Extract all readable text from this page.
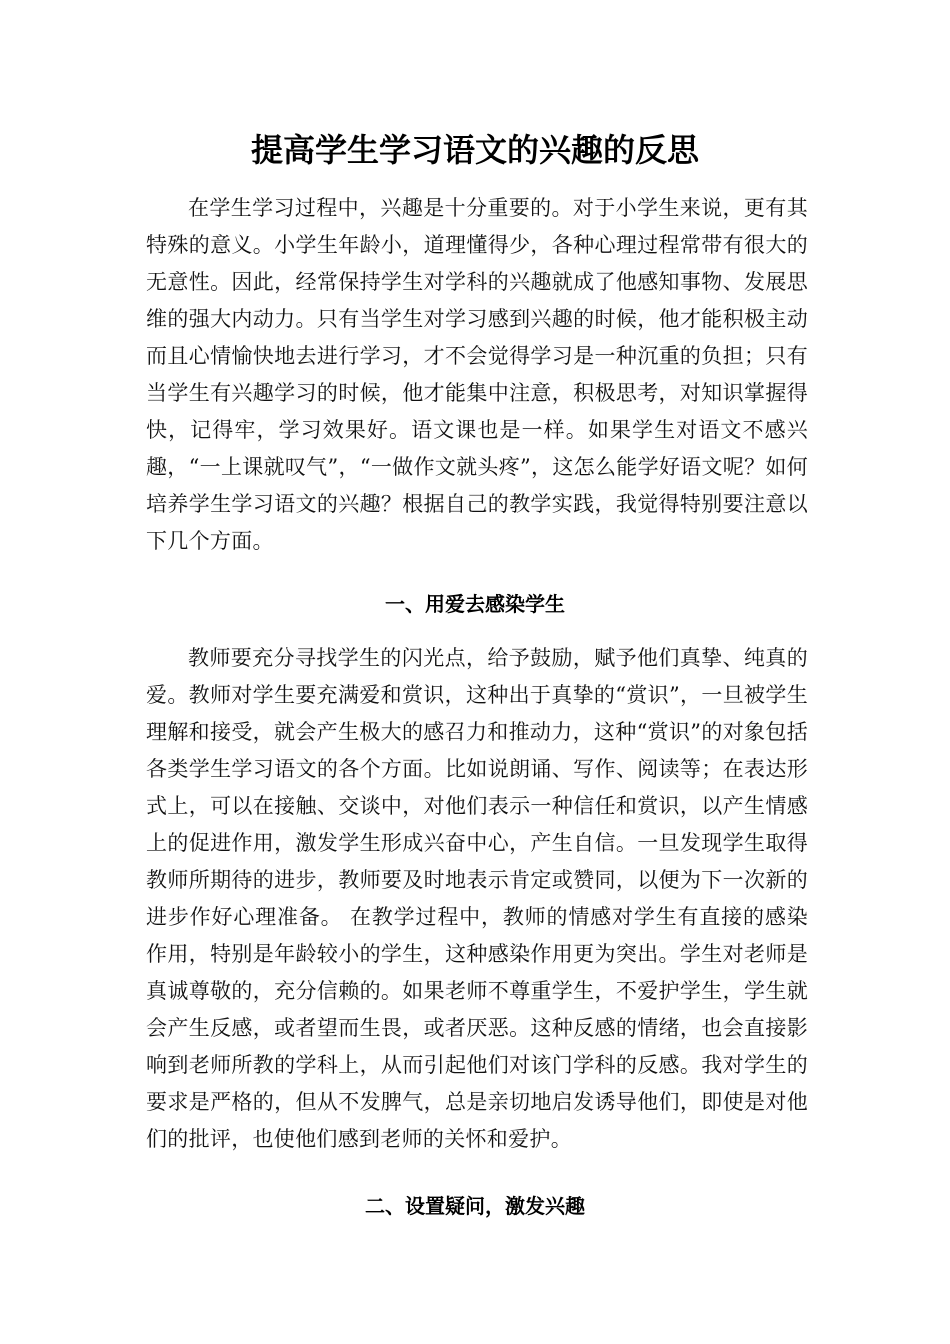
提高学生学习语文的兴趣的反思

在学生学习过程中，兴趣是十分重要的。对于小学生来说，更有其特殊的意义。小学生年龄小，道理懂得少，各种心理过程常带有很大的无意性。因此，经常保持学生对学科的兴趣就成了他感知事物、发展思维的强大内动力。只有当学生对学习感到兴趣的时候，他才能积极主动而且心情愉快地去进行学习，才不会觉得学习是一种沉重的负担；只有当学生有兴趣学习的时候，他才能集中注意，积极思考，对知识掌握得快，记得牢，学习效果好。语文课也是一样。如果学生对语文不感兴趣，“一上课就叹气”，“一做作文就头疼”，这怎么能学好语文呢？如何培养学生学习语文的兴趣？根据自己的教学实践，我觉得特别要注意以下几个方面。

一、用爱去感染学生

教师要充分寻找学生的闪光点，给予鼓励，赋予他们真挚、纯真的爱。教师对学生要充满爱和赏识，这种出于真挚的“赏识”，一旦被学生理解和接受，就会产生极大的感召力和推动力，这种“赏识”的对象包括各类学生学习语文的各个方面。比如说朗诵、写作、阅读等；在表达形式上，可以在接触、交谈中，对他们表示一种信任和赏识，以产生情感上的促进作用，激发学生形成兴奋中心，产生自信。一旦发现学生取得教师所期待的进步，教师要及时地表示肯定或赞同，以便为下一次新的进步作好心理准备。 在教学过程中，教师的情感对学生有直接的感染作用，特别是年龄较小的学生，这种感染作用更为突出。学生对老师是真诚尊敬的，充分信赖的。如果老师不尊重学生，不爱护学生，学生就会产生反感，或者望而生畏，或者厌恶。这种反感的情绪，也会直接影响到老师所教的学科上，从而引起他们对该门学科的反感。我对学生的要求是严格的，但从不发脾气，总是亲切地启发诱导他们，即使是对他们的批评，也使他们感到老师的关怀和爱护。

二、设置疑问，激发兴趣
